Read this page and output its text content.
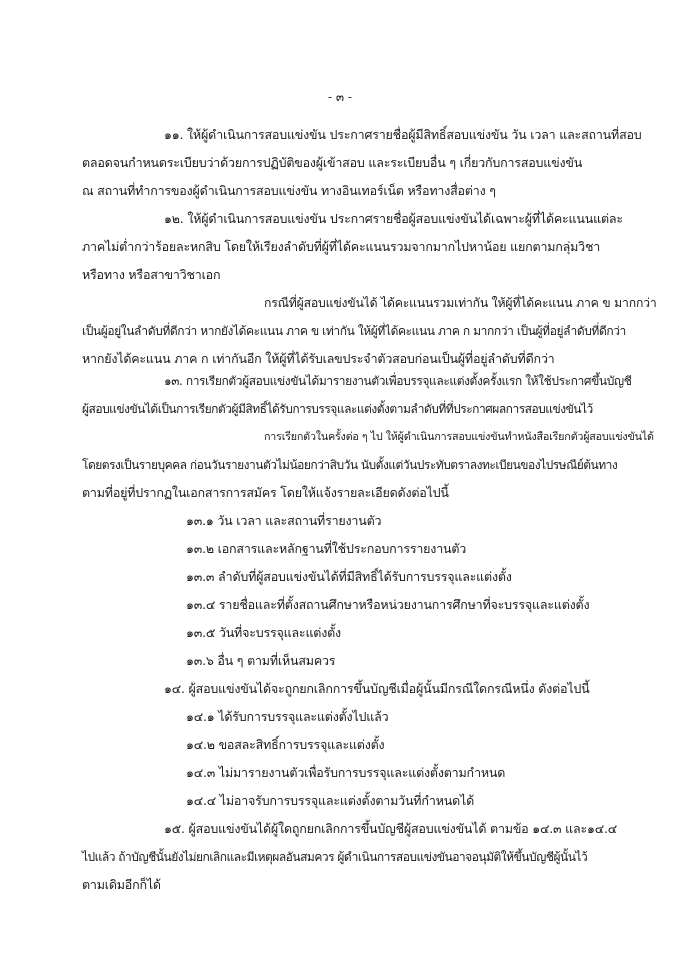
- ๓ -
๑๑. ให้ผู้ดำเนินการสอบแข่งขัน ประกาศรายชื่อผู้มีสิทธิ์สอบแข่งขัน วัน เวลา และสถานที่สอบ
ตลอดจนกำหนดระเบียบว่าด้วยการปฏิบัติของผู้เข้าสอบ และระเบียบอื่น ๆ เกี่ยวกับการสอบแข่งขัน
ณ สถานที่ทำการของผู้ดำเนินการสอบแข่งขัน ทางอินเทอร์เน็ต หรือทางสื่อต่าง ๆ
๑๒. ให้ผู้ดำเนินการสอบแข่งขัน ประกาศรายชื่อผู้สอบแข่งขันได้เฉพาะผู้ที่ได้คะแนนแต่ละ
ภาคไม่ต่ำกว่าร้อยละหกสิบ โดยให้เรียงลำดับที่ผู้ที่ได้คะแนนรวมจากมากไปหาน้อย แยกตามกลุ่มวิชา
หรือทาง หรือสาขาวิชาเอก
กรณีที่ผู้สอบแข่งขันได้ ได้คะแนนรวมเท่ากัน ให้ผู้ที่ได้คะแนน ภาค ข มากกว่า
เป็นผู้อยู่ในลำดับที่ดีกว่า หากยังได้คะแนน ภาค ข เท่ากัน ให้ผู้ที่ได้คะแนน ภาค ก มากกว่า เป็นผู้ที่อยู่ลำดับที่ดีกว่า
หากยังได้คะแนน ภาค ก เท่ากันอีก ให้ผู้ที่ได้รับเลขประจำตัวสอบก่อนเป็นผู้ที่อยู่ลำดับที่ดีกว่า
๑๓. การเรียกตัวผู้สอบแข่งขันได้มารายงานตัวเพื่อบรรจุและแต่งตั้งครั้งแรก ให้ใช้ประกาศขึ้นบัญชี
ผู้สอบแข่งขันได้เป็นการเรียกตัวผู้มีสิทธิ์ได้รับการบรรจุและแต่งตั้งตามลำดับที่ที่ประกาศผลการสอบแข่งขันไว้
การเรียกตัวในครั้งต่อ ๆ ไป ให้ผู้ดำเนินการสอบแข่งขันทำหนังสือเรียกตัวผู้สอบแข่งขันได้
โดยตรงเป็นรายบุคคล ก่อนวันรายงานตัวไม่น้อยกว่าสิบวัน นับตั้งแต่วันประทับตราลงทะเบียนของไปรษณีย์ต้นทาง
ตามที่อยู่ที่ปรากฏในเอกสารการสมัคร โดยให้แจ้งรายละเอียดดังต่อไปนี้
๑๓.๑ วัน เวลา และสถานที่รายงานตัว
๑๓.๒ เอกสารและหลักฐานที่ใช้ประกอบการรายงานตัว
๑๓.๓ ลำดับที่ผู้สอบแข่งขันได้ที่มีสิทธิ์ได้รับการบรรจุและแต่งตั้ง
๑๓.๔ รายชื่อและที่ตั้งสถานศึกษาหรือหน่วยงานการศึกษาที่จะบรรจุและแต่งตั้ง
๑๓.๕ วันที่จะบรรจุและแต่งตั้ง
๑๓.๖ อื่น ๆ ตามที่เห็นสมควร
๑๔. ผู้สอบแข่งขันได้จะถูกยกเลิกการขึ้นบัญชีเมื่อผู้นั้นมีกรณีใดกรณีหนึ่ง ดังต่อไปนี้
๑๔.๑ ได้รับการบรรจุและแต่งตั้งไปแล้ว
๑๔.๒ ขอสละสิทธิ์การบรรจุและแต่งตั้ง
๑๔.๓ ไม่มารายงานตัวเพื่อรับการบรรจุและแต่งตั้งตามกำหนด
๑๔.๔ ไม่อาจรับการบรรจุและแต่งตั้งตามวันที่กำหนดได้
๑๕. ผู้สอบแข่งขันได้ผู้ใดถูกยกเลิกการขึ้นบัญชีผู้สอบแข่งขันได้ ตามข้อ ๑๔.๓ และ๑๔.๔
ไปแล้ว ถ้าบัญชีนั้นยังไม่ยกเลิกและมีเหตุผลอันสมควร ผู้ดำเนินการสอบแข่งขันอาจอนุมัติให้ขึ้นบัญชีผู้นั้นไว้
ตามเดิมอีกก็ได้
